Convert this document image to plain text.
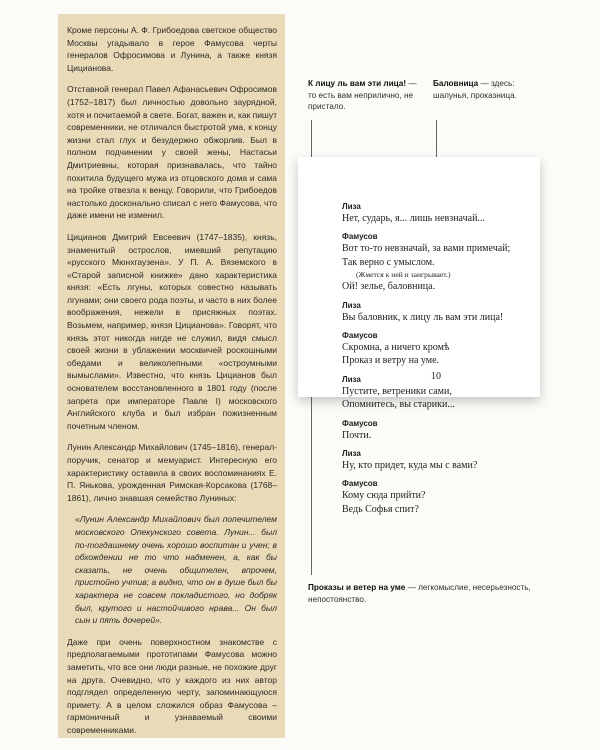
Кроме персоны А. Ф. Грибоедова светское общество Москвы угадывало в герое Фамусова черты генералов Офросимова и Лунина, а также князя Цицианова.

Отставной генерал Павел Афанасьевич Офросимов (1752–1817) был личностью довольно заурядной, хотя и почитаемой в свете. Богат, важен и, как пишут современники, не отличался быстротой ума, к концу жизни стал глух и безудержно обжорлив. Был в полном подчинении у своей жены, Настасьи Дмитриевны, которая признавалась, что тайно похитила будущего мужа из отцовского дома и сама на тройке отвезла к венцу. Говорили, что Грибоедов настолько досконально списал с него Фамусова, что даже имени не изменил.

Цицианов Дмитрий Евсеевич (1747–1835), князь, знаменитый острослов, имевший репутацию «русского Мюнхгаузена». У П. А. Вяземского в «Старой записной книжке» дано характеристика князя: «Есть лгуны, которых совестно называть лгунами; они своего рода поэты, и часто в них более воображения, нежели в присяжных поэтах. Возьмем, например, князя Цицианова». Говорят, что князь этот никогда нигде не служил, видя смысл своей жизни в ублажении москвичей роскошными обедами и великолепными «остроумными вымыслами». Известно, что князь Цицианов был основателем восстановленного в 1801 году (после запрета при императоре Павле I) московского Английского клуба и был избран пожизненным почетным членом.

Лунин Александр Михайлович (1745–1816), генерал-поручик, сенатор и мемуарист. Интересную его характеристику оставила в своих воспоминаниях Е. П. Янькова, урожденная Римская-Корсакова (1768–1861), лично знавшая семейство Луниных:

«Лунин Александр Михайлович был попечителем московского Опекунского совета. Лунин... был по-тогдашнему очень хорошо воспитан и учен; в обхождении не то что надменен, а, как бы сказать, не очень общителен, впрочем, пристойно учтив; а видно, что он в душе был бы характера не совсем покладистого, но добряк был, крутого и настойчивого нрава... Он был сын и пять дочерей».

Даже при очень поверхностном знакомстве с предполагаемыми прототипами Фамусова можно заметить, что все они люди разные, не похожие друг на друга. Очевидно, что у каждого из них автор подглядел определенную черту, запоминающуюся примету. А в целом сложился образ Фамусова – гармоничный и узнаваемый своими современниками.

К лицу ль вам эти лица! — то есть вам неприлично, не пристало.
Баловница — здесь: шалунья, проказница.
Лиза
Нет, сударь, я... лишь невзначай...
Фамусов
Вот то-то невзначай, за вами примечай;
Так верно с умыслом.
(Жмется к ней и заигрывает.)
Ой! зелье, баловница.
Лиза
Вы баловник, к лицу ль вам эти лица!
Фамусов
Скромна, а ничего кромѣ
Проказ и ветру на уме.
Лиза
Пустите, ветреники сами,
Опомнитесь, вы старики...
Фамусов
Почти.
Лиза
Ну, кто придет, куда мы с вами?
Фамусов
Кому сюда прийти?
Ведь Софья спит?
10
Проказы и ветер на уме — легкомыслие, несерьезность, непостоянство.
